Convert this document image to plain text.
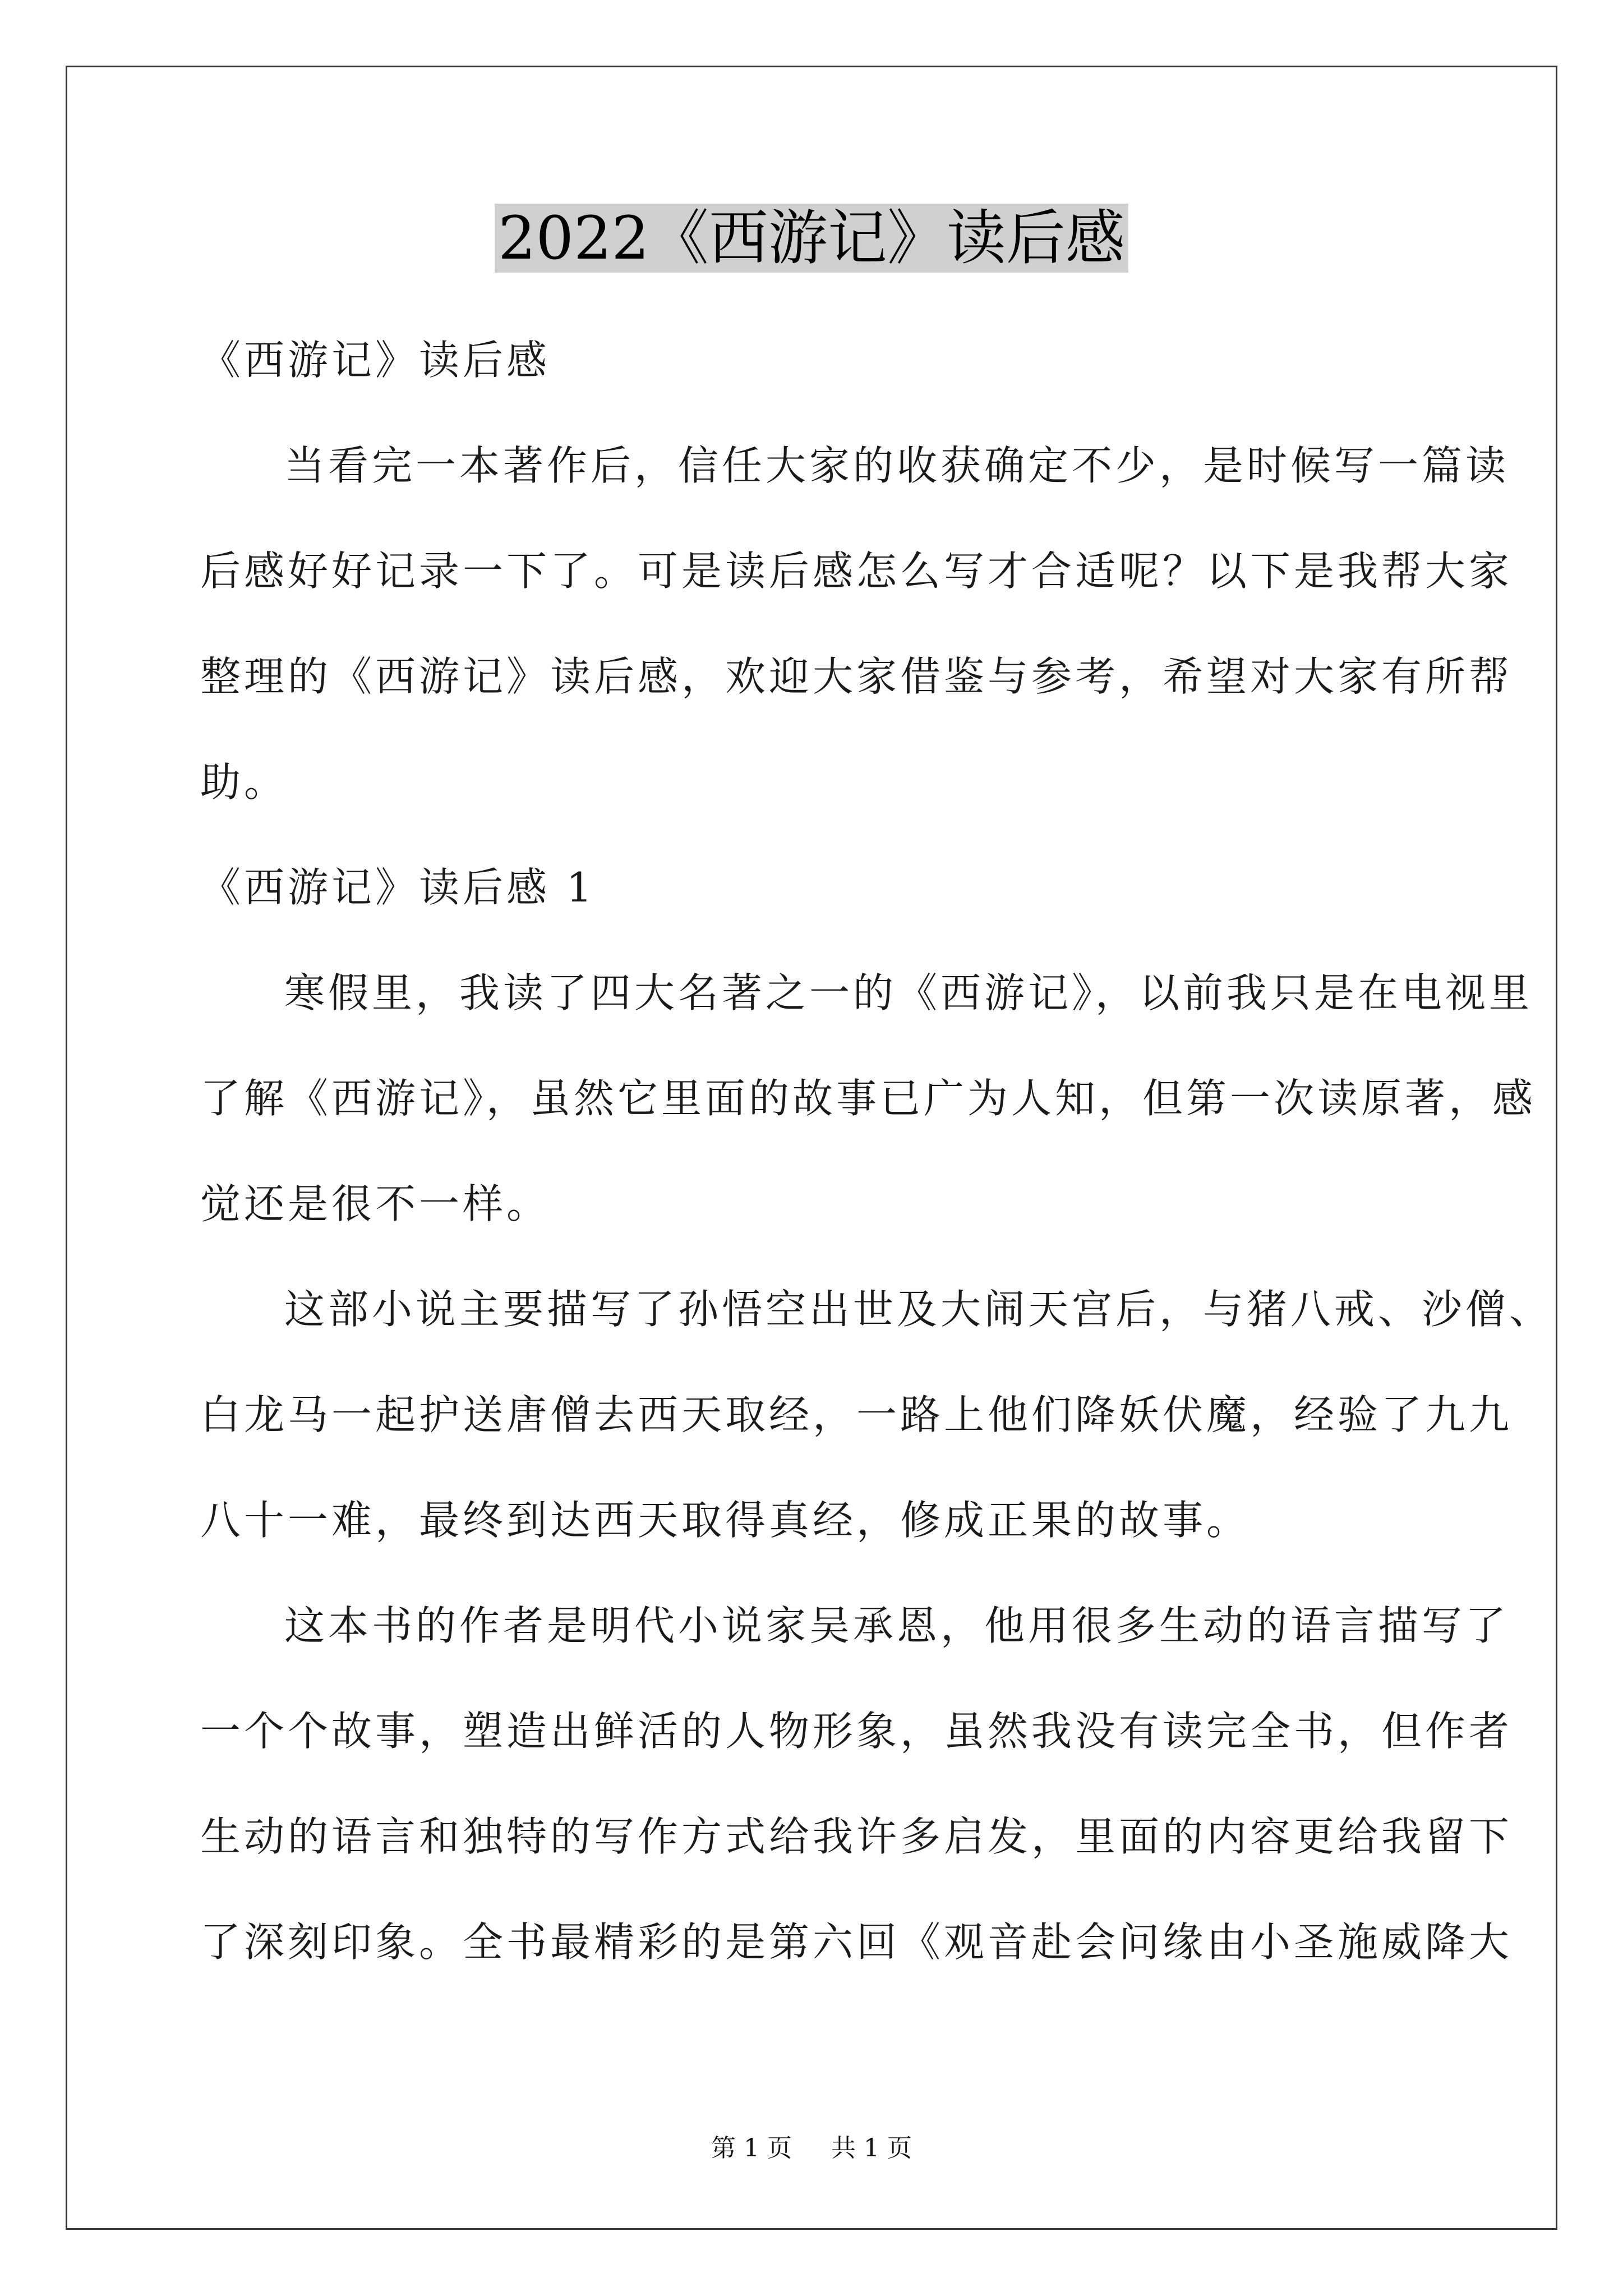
2022《西游记》读后感
《西游记》读后感
当看完一本著作后，信任大家的收获确定不少，是时候写一篇读
后感好好记录一下了。可是读后感怎么写才合适呢？以下是我帮大家
整理的《西游记》读后感，欢迎大家借鉴与参考，希望对大家有所帮
助。
《西游记》读后感 1
寒假里，我读了四大名著之一的《西游记》，以前我只是在电视里
了解《西游记》，虽然它里面的故事已广为人知，但第一次读原著，感
觉还是很不一样。
这部小说主要描写了孙悟空出世及大闹天宫后，与猪八戒、沙僧、
白龙马一起护送唐僧去西天取经，一路上他们降妖伏魔，经验了九九
八十一难，最终到达西天取得真经，修成正果的故事。
这本书的作者是明代小说家吴承恩，他用很多生动的语言描写了
一个个故事，塑造出鲜活的人物形象，虽然我没有读完全书，但作者
生动的语言和独特的写作方式给我许多启发，里面的内容更给我留下
了深刻印象。全书最精彩的是第六回《观音赴会问缘由小圣施威降大
第 1 页 共 1 页
